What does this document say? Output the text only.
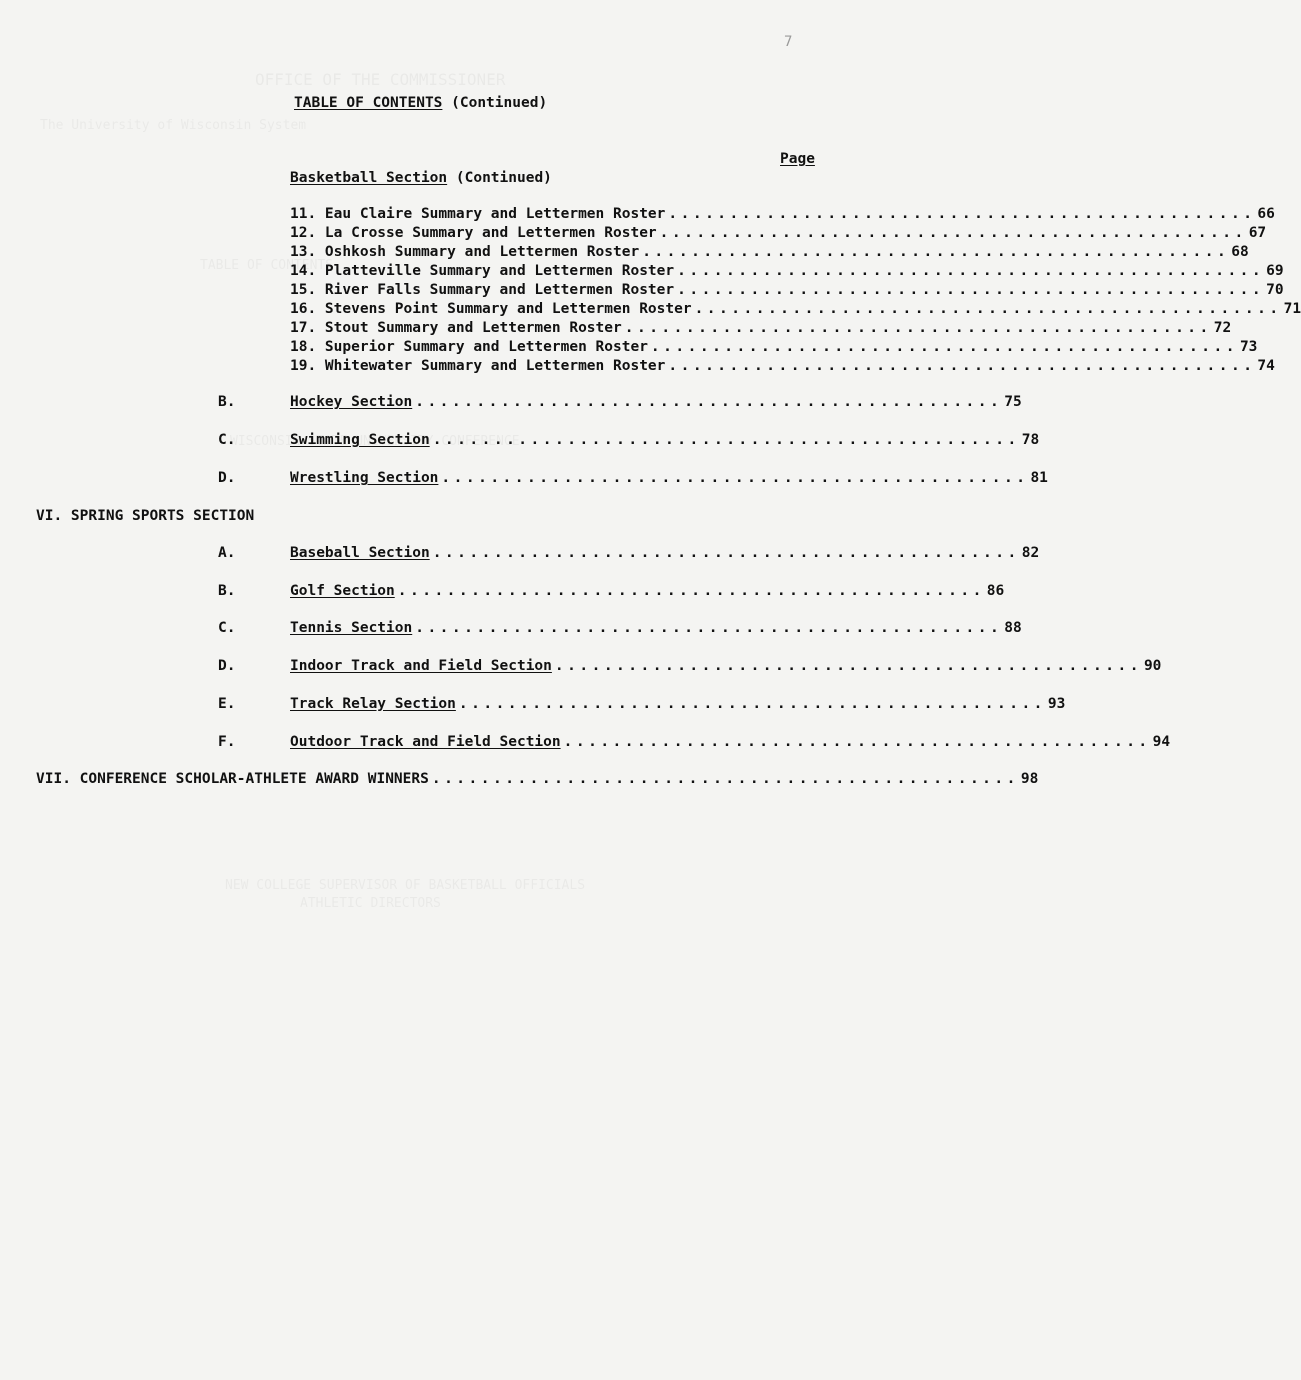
7
TABLE OF CONTENTS (Continued)
Page
Basketball Section (Continued)
11. Eau Claire Summary and Lettermen Roster ................................................ 66
12. La Crosse Summary and Lettermen Roster ................................................ 67
13. Oshkosh Summary and Lettermen Roster ................................................ 68
14. Platteville Summary and Lettermen Roster ................................................ 69
15. River Falls Summary and Lettermen Roster ................................................ 70
16. Stevens Point Summary and Lettermen Roster ................................................ 71
17. Stout Summary and Lettermen Roster ................................................ 72
18. Superior Summary and Lettermen Roster ................................................ 73
19. Whitewater Summary and Lettermen Roster ................................................ 74
B.	Hockey Section ................................................ 75
C.	Swimming Section ................................................ 78
D.	Wrestling Section ................................................ 81
VI. SPRING SPORTS SECTION
A.	Baseball Section ................................................ 82
B.	Golf Section ................................................ 86
C.	Tennis Section ................................................ 88
D.	Indoor Track and Field Section ................................................ 90
E.	Track Relay Section ................................................ 93
F.	Outdoor Track and Field Section ................................................ 94
VII. CONFERENCE SCHOLAR-ATHLETE AWARD WINNERS ................................................ 98
